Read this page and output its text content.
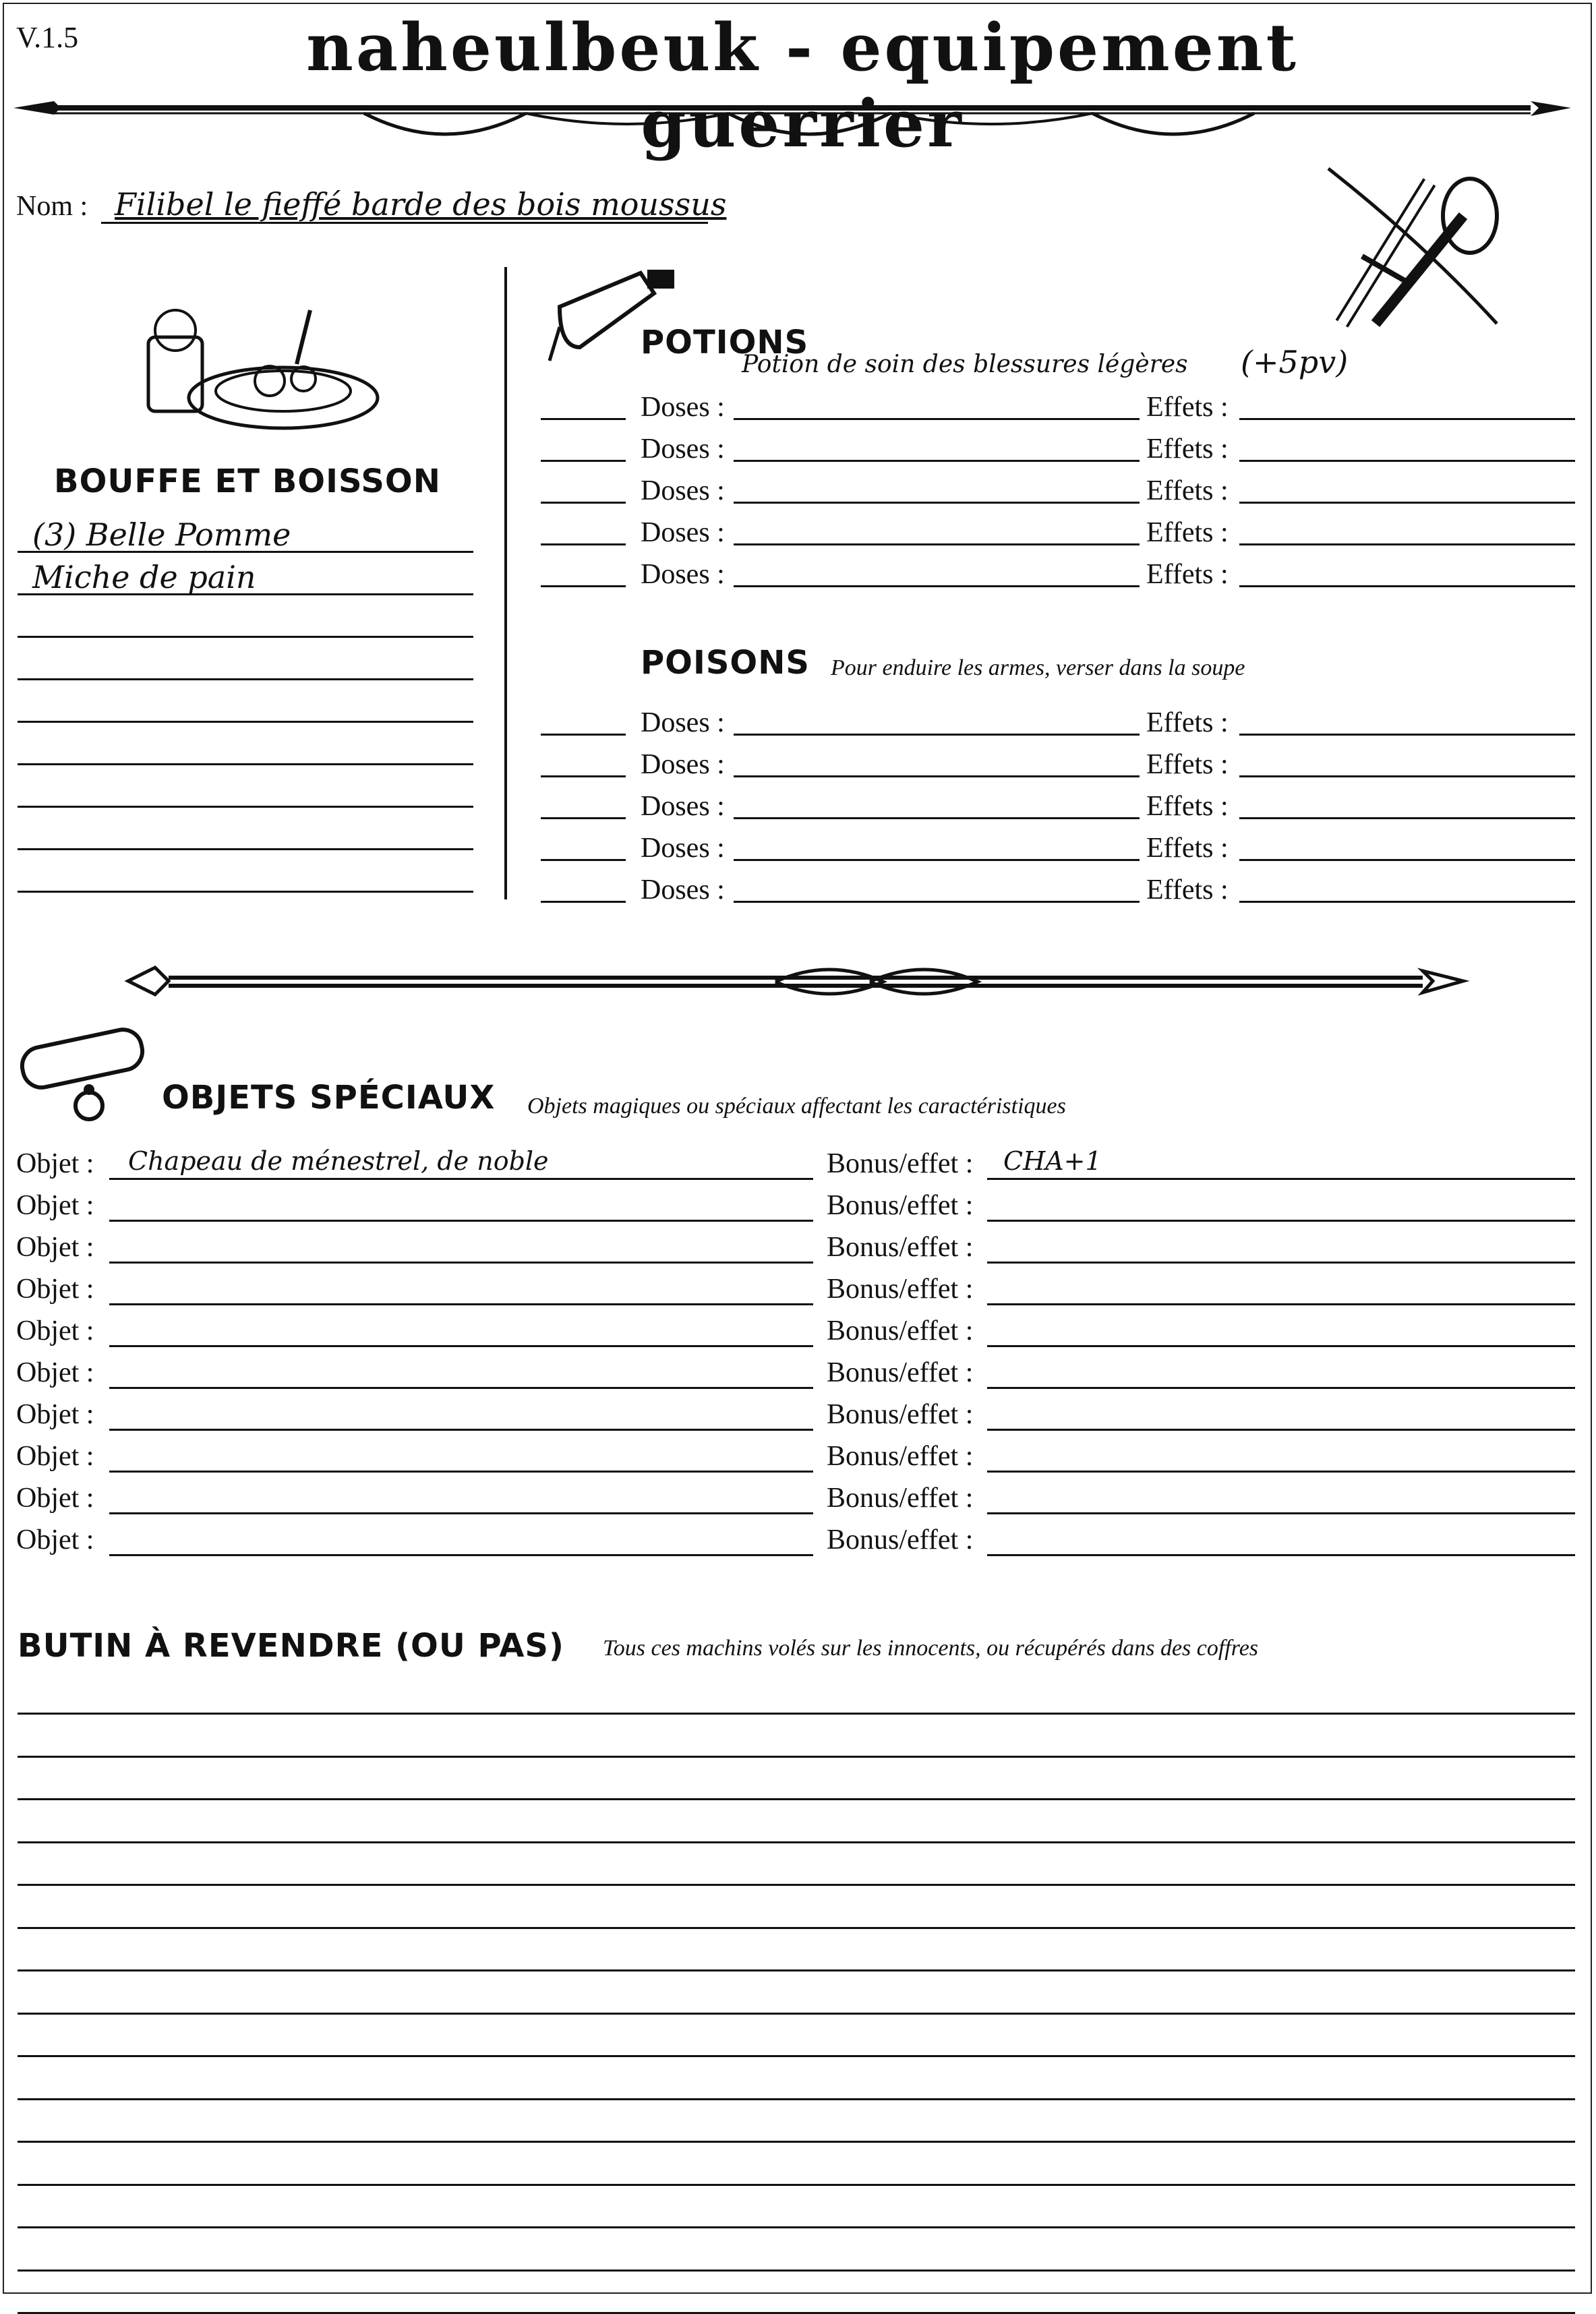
V.1.5	naheulbeuk - equipement guerrier
Nom : Filibel le fieffé barde des bois moussus
BOUFFE ET BOISSON
(3) Belle Pomme
Miche de pain
POTIONS
Potion de soin des blessures légères (+5pv)
Doses :	Effets :
Doses :	Effets :
Doses :	Effets :
Doses :	Effets :
Doses :	Effets :
POISONS Pour enduire les armes, verser dans la soupe
Doses :	Effets :
Doses :	Effets :
Doses :	Effets :
Doses :	Effets :
Doses :	Effets :
OBJETS SPÉCIAUX Objets magiques ou spéciaux affectant les caractéristiques
Objet : Chapeau de ménestrel, de noble	Bonus/effet : CHA+1
Objet :	Bonus/effet :
Objet :	Bonus/effet :
Objet :	Bonus/effet :
Objet :	Bonus/effet :
Objet :	Bonus/effet :
Objet :	Bonus/effet :
Objet :	Bonus/effet :
Objet :	Bonus/effet :
Objet :	Bonus/effet :
BUTIN À REVENDRE (OU PAS) Tous ces machins volés sur les innocents, ou récupérés dans des coffres
